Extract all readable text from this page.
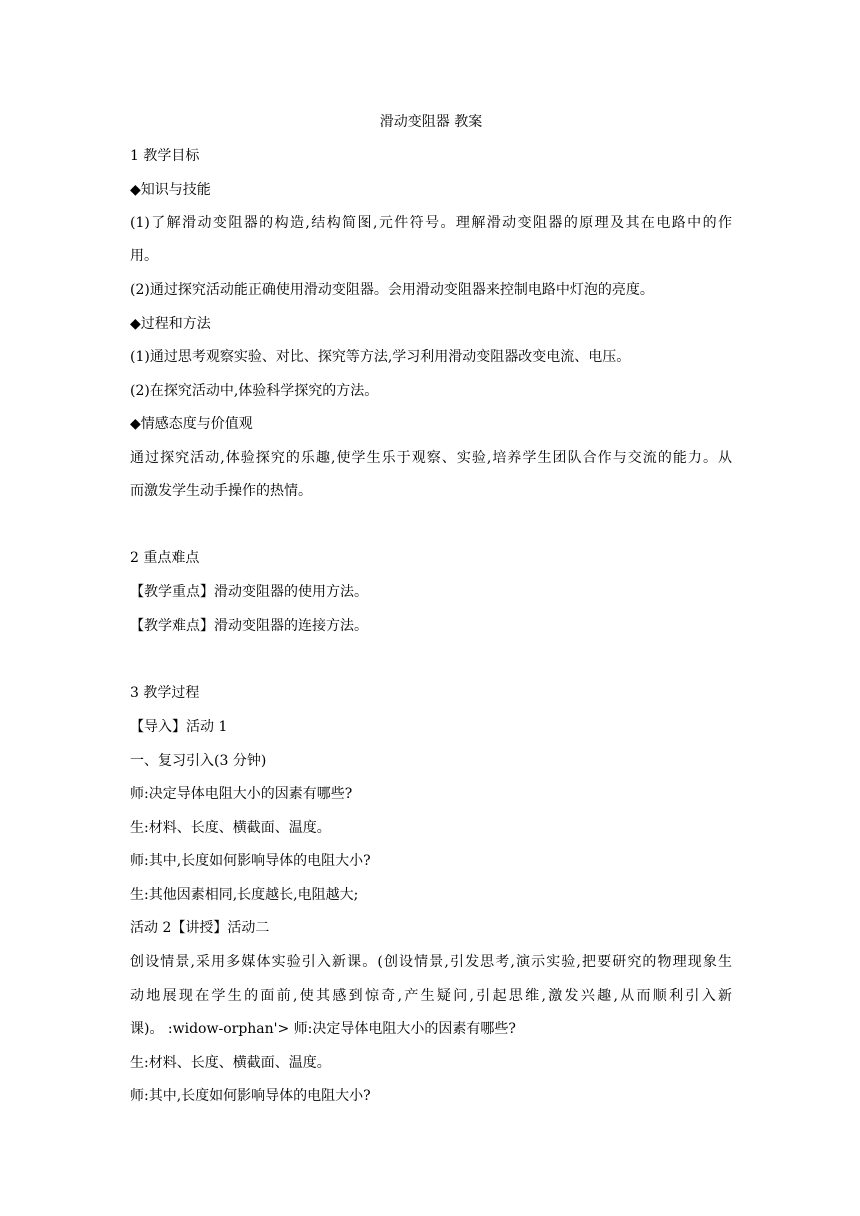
滑动变阻器 教案
1 教学目标
◆知识与技能
(1)了解滑动变阻器的构造,结构简图,元件符号。理解滑动变阻器的原理及其在电路中的作
用。
(2)通过探究活动能正确使用滑动变阻器。会用滑动变阻器来控制电路中灯泡的亮度。
◆过程和方法
(1)通过思考观察实验、对比、探究等方法,学习利用滑动变阻器改变电流、电压。
(2)在探究活动中,体验科学探究的方法。
◆情感态度与价值观
通过探究活动,体验探究的乐趣,使学生乐于观察、实验,培养学生团队合作与交流的能力。从
而激发学生动手操作的热情。
2 重点难点
【教学重点】滑动变阻器的使用方法。
【教学难点】滑动变阻器的连接方法。
3 教学过程
【导入】活动 1
一、复习引入(3 分钟)
师:决定导体电阻大小的因素有哪些?
生:材料、长度、横截面、温度。
师:其中,长度如何影响导体的电阻大小?
生:其他因素相同,长度越长,电阻越大;
活动 2【讲授】活动二
创设情景,采用多媒体实验引入新课。(创设情景,引发思考,演示实验,把要研究的物理现象生
动地展现在学生的面前,使其感到惊奇,产生疑问,引起思维,激发兴趣,从而顺利引入新
课)。 :widow-orphan'> 师:决定导体电阻大小的因素有哪些?
生:材料、长度、横截面、温度。
师:其中,长度如何影响导体的电阻大小?
